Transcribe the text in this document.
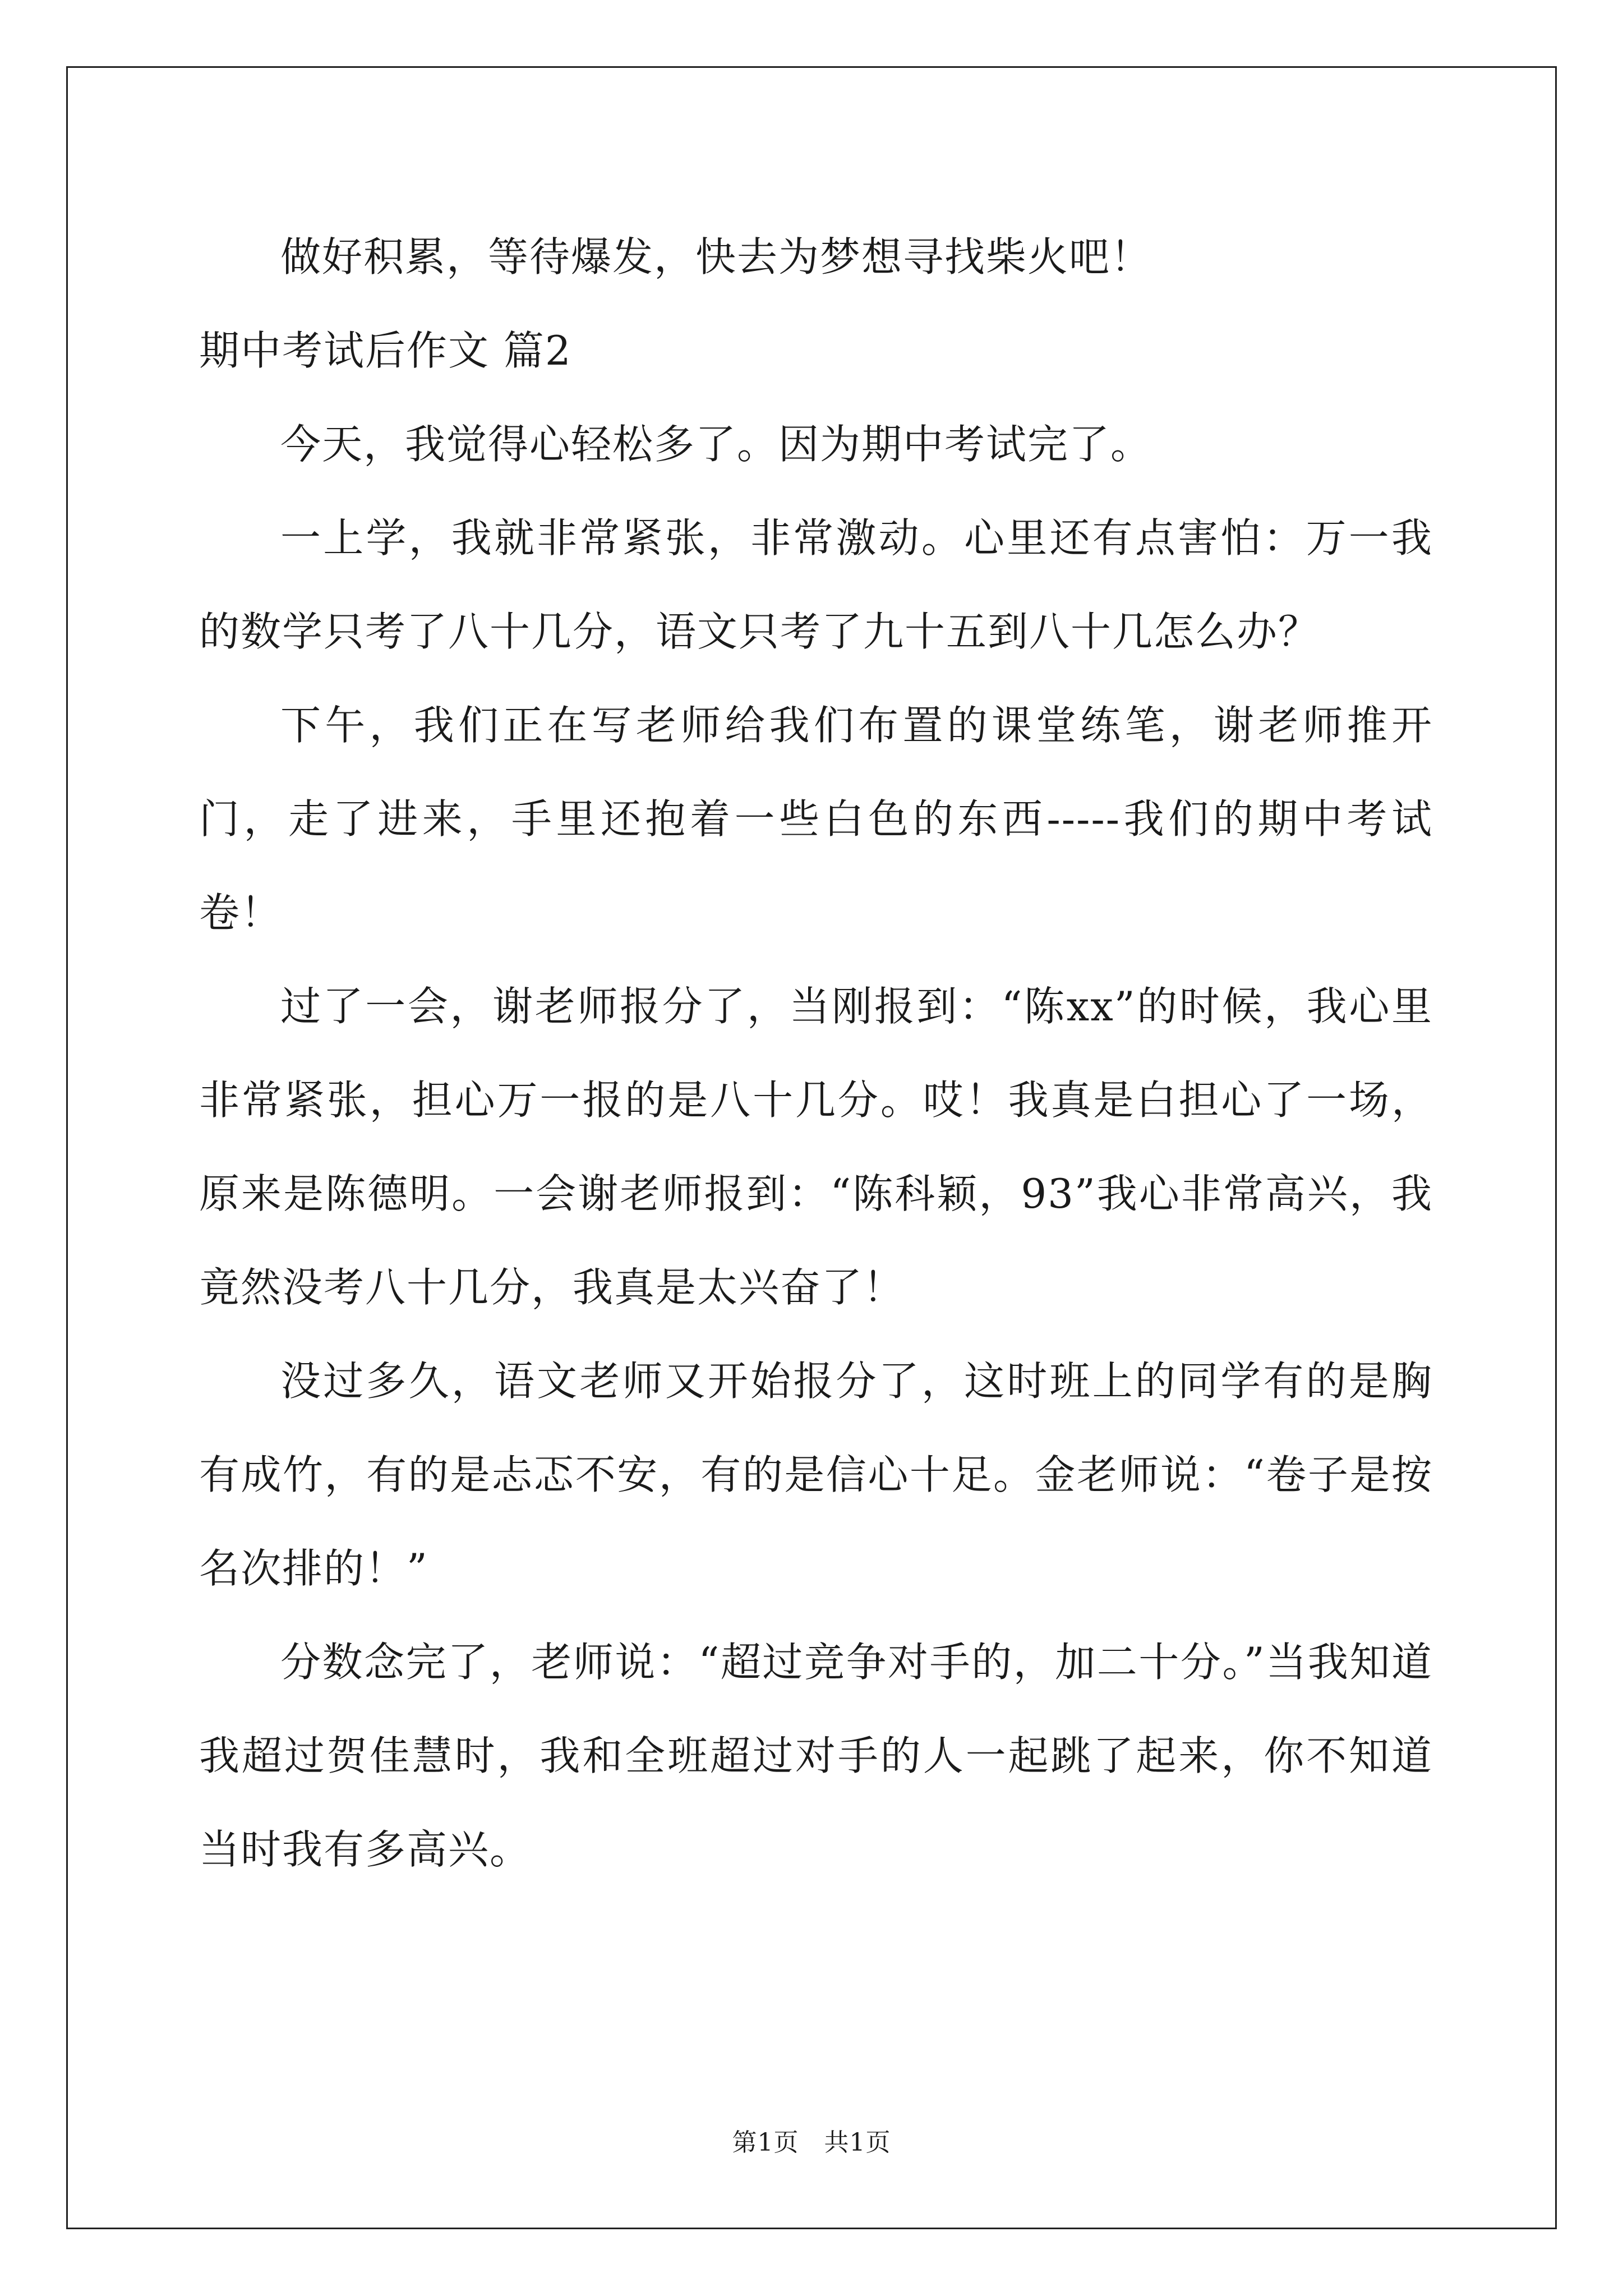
做好积累，等待爆发，快去为梦想寻找柴火吧！

期中考试后作文 篇2

今天，我觉得心轻松多了。因为期中考试完了。

一上学，我就非常紧张，非常激动。心里还有点害怕：万一我的数学只考了八十几分，语文只考了九十五到八十几怎么办？

下午，我们正在写老师给我们布置的课堂练笔，谢老师推开门，走了进来，手里还抱着一些白色的东西-----我们的期中考试卷！

过了一会，谢老师报分了，当刚报到：“陈xx”的时候，我心里非常紧张，担心万一报的是八十几分。哎！我真是白担心了一场，原来是陈德明。一会谢老师报到：“陈科颖，93”我心非常高兴，我竟然没考八十几分，我真是太兴奋了！

没过多久，语文老师又开始报分了，这时班上的同学有的是胸有成竹，有的是忐忑不安，有的是信心十足。金老师说：“卷子是按名次排的！”

分数念完了，老师说：“超过竞争对手的，加二十分。”当我知道我超过贺佳慧时，我和全班超过对手的人一起跳了起来，你不知道当时我有多高兴。

第1页　共1页
